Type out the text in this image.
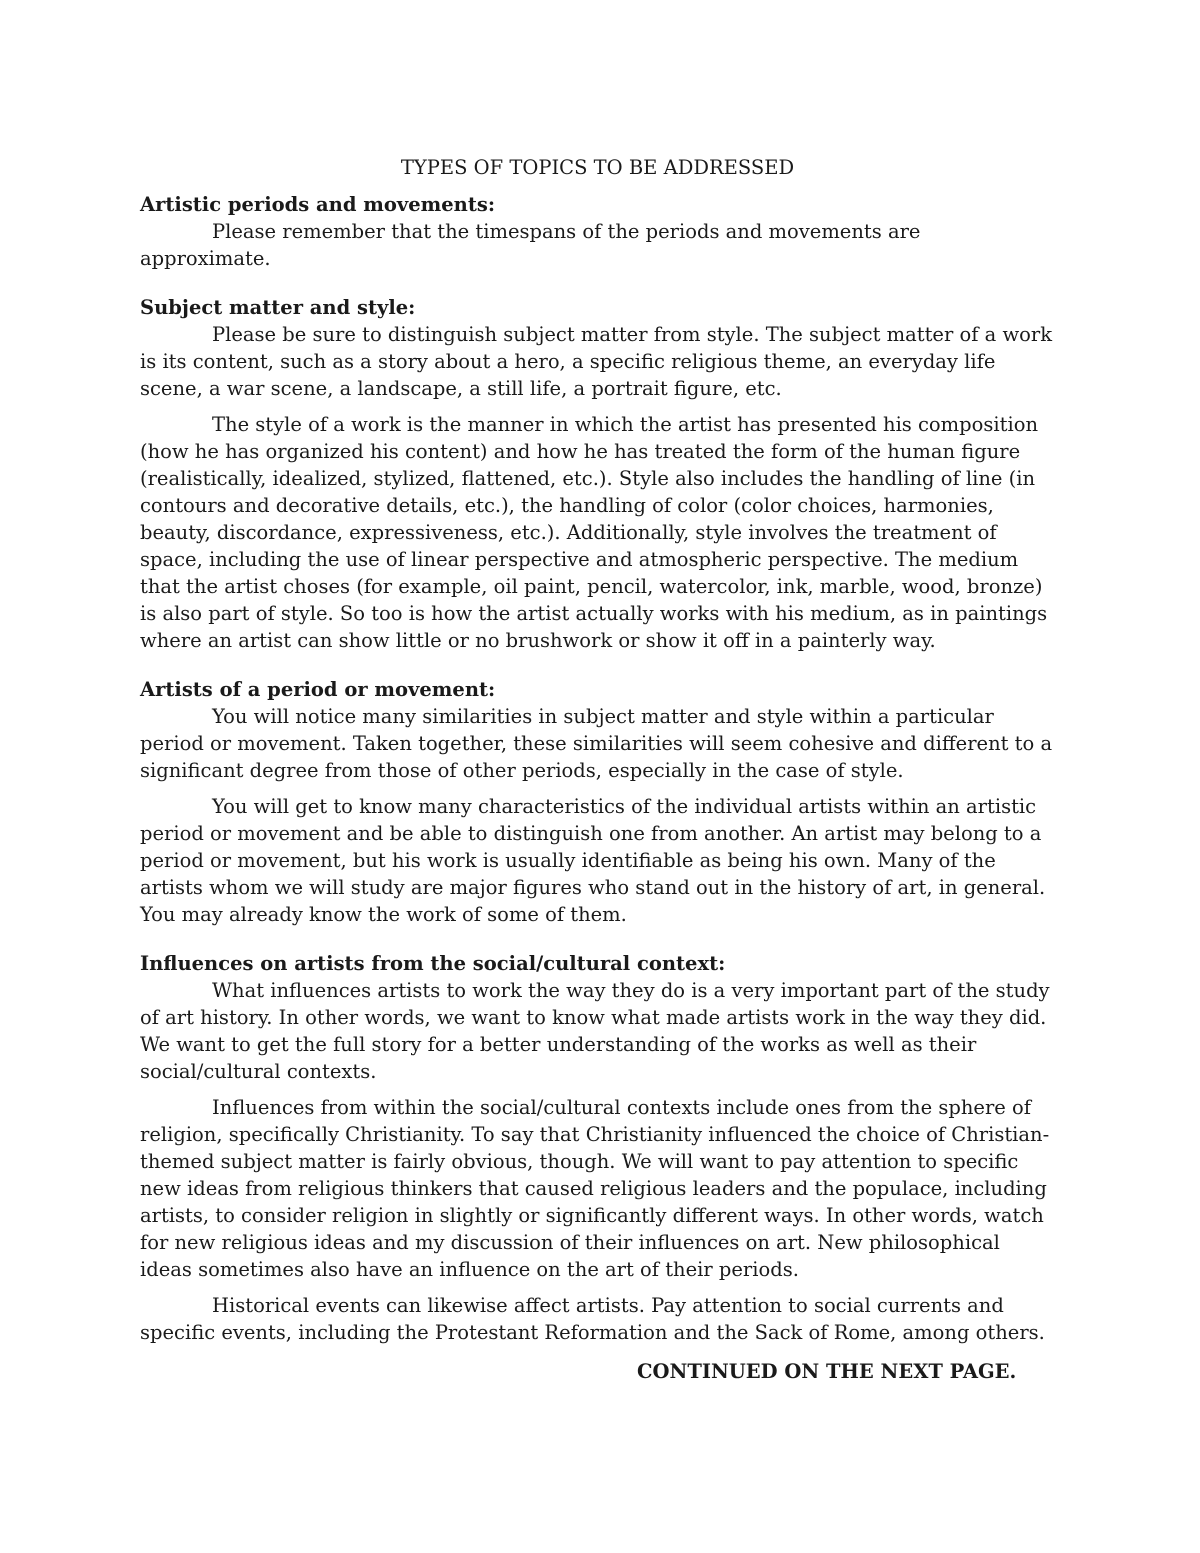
TYPES OF TOPICS TO BE ADDRESSED
Artistic periods and movements:

Please remember that the timespans of the periods and movements are approximate.

Subject matter and style:

Please be sure to distinguish subject matter from style. The subject matter of a work is its content, such as a story about a hero, a specific religious theme, an everyday life scene, a war scene, a landscape, a still life, a portrait figure, etc.

The style of a work is the manner in which the artist has presented his composition (how he has organized his content) and how he has treated the form of the human figure (realistically, idealized, stylized, flattened, etc.). Style also includes the handling of line (in contours and decorative details, etc.), the handling of color (color choices, harmonies, beauty, discordance, expressiveness, etc.). Additionally, style involves the treatment of space, including the use of linear perspective and atmospheric perspective. The medium that the artist choses (for example, oil paint, pencil, watercolor, ink, marble, wood, bronze) is also part of style. So too is how the artist actually works with his medium, as in paintings where an artist can show little or no brushwork or show it off in a painterly way.

Artists of a period or movement:

You will notice many similarities in subject matter and style within a particular period or movement. Taken together, these similarities will seem cohesive and different to a significant degree from those of other periods, especially in the case of style.

You will get to know many characteristics of the individual artists within an artistic period or movement and be able to distinguish one from another. An artist may belong to a period or movement, but his work is usually identifiable as being his own. Many of the artists whom we will study are major figures who stand out in the history of art, in general. You may already know the work of some of them.

Influences on artists from the social/cultural context:

What influences artists to work the way they do is a very important part of the study of art history. In other words, we want to know what made artists work in the way they did. We want to get the full story for a better understanding of the works as well as their social/cultural contexts.

Influences from within the social/cultural contexts include ones from the sphere of religion, specifically Christianity. To say that Christianity influenced the choice of Christian-themed subject matter is fairly obvious, though. We will want to pay attention to specific new ideas from religious thinkers that caused religious leaders and the populace, including artists, to consider religion in slightly or significantly different ways. In other words, watch for new religious ideas and my discussion of their influences on art. New philosophical ideas sometimes also have an influence on the art of their periods.

Historical events can likewise affect artists. Pay attention to social currents and specific events, including the Protestant Reformation and the Sack of Rome, among others.

CONTINUED ON THE NEXT PAGE.
